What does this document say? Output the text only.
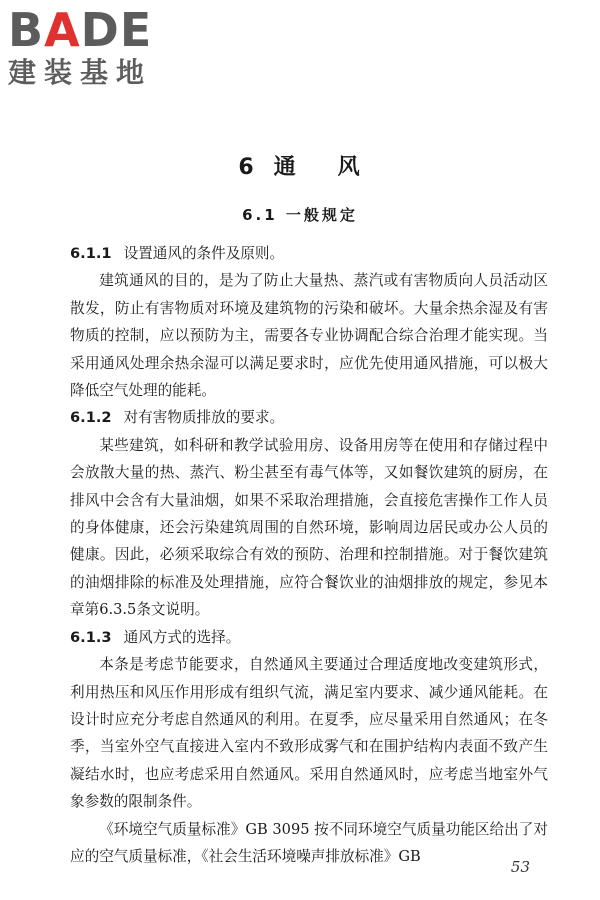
BADE
建装基地
6 通 风
6.1 一般规定

6.1.1 设置通风的条件及原则。

建筑通风的目的，是为了防止大量热、蒸汽或有害物质向人员活动区散发，防止有害物质对环境及建筑物的污染和破坏。大量余热余湿及有害物质的控制，应以预防为主，需要各专业协调配合综合治理才能实现。当采用通风处理余热余湿可以满足要求时，应优先使用通风措施，可以极大降低空气处理的能耗。

6.1.2 对有害物质排放的要求。

某些建筑，如科研和教学试验用房、设备用房等在使用和存储过程中会放散大量的热、蒸汽、粉尘甚至有毒气体等，又如餐饮建筑的厨房，在排风中会含有大量油烟，如果不采取治理措施，会直接危害操作工作人员的身体健康，还会污染建筑周围的自然环境，影响周边居民或办公人员的健康。因此，必须采取综合有效的预防、治理和控制措施。对于餐饮建筑的油烟排除的标准及处理措施，应符合餐饮业的油烟排放的规定，参见本章第6.3.5条文说明。

6.1.3 通风方式的选择。

本条是考虑节能要求，自然通风主要通过合理适度地改变建筑形式，利用热压和风压作用形成有组织气流，满足室内要求、减少通风能耗。在设计时应充分考虑自然通风的利用。在夏季，应尽量采用自然通风；在冬季，当室外空气直接进入室内不致形成雾气和在围护结构内表面不致产生凝结水时，也应考虑采用自然通风。采用自然通风时，应考虑当地室外气象参数的限制条件。

《环境空气质量标准》GB 3095 按不同环境空气质量功能区给出了对应的空气质量标准，《社会生活环境噪声排放标准》GB

53
